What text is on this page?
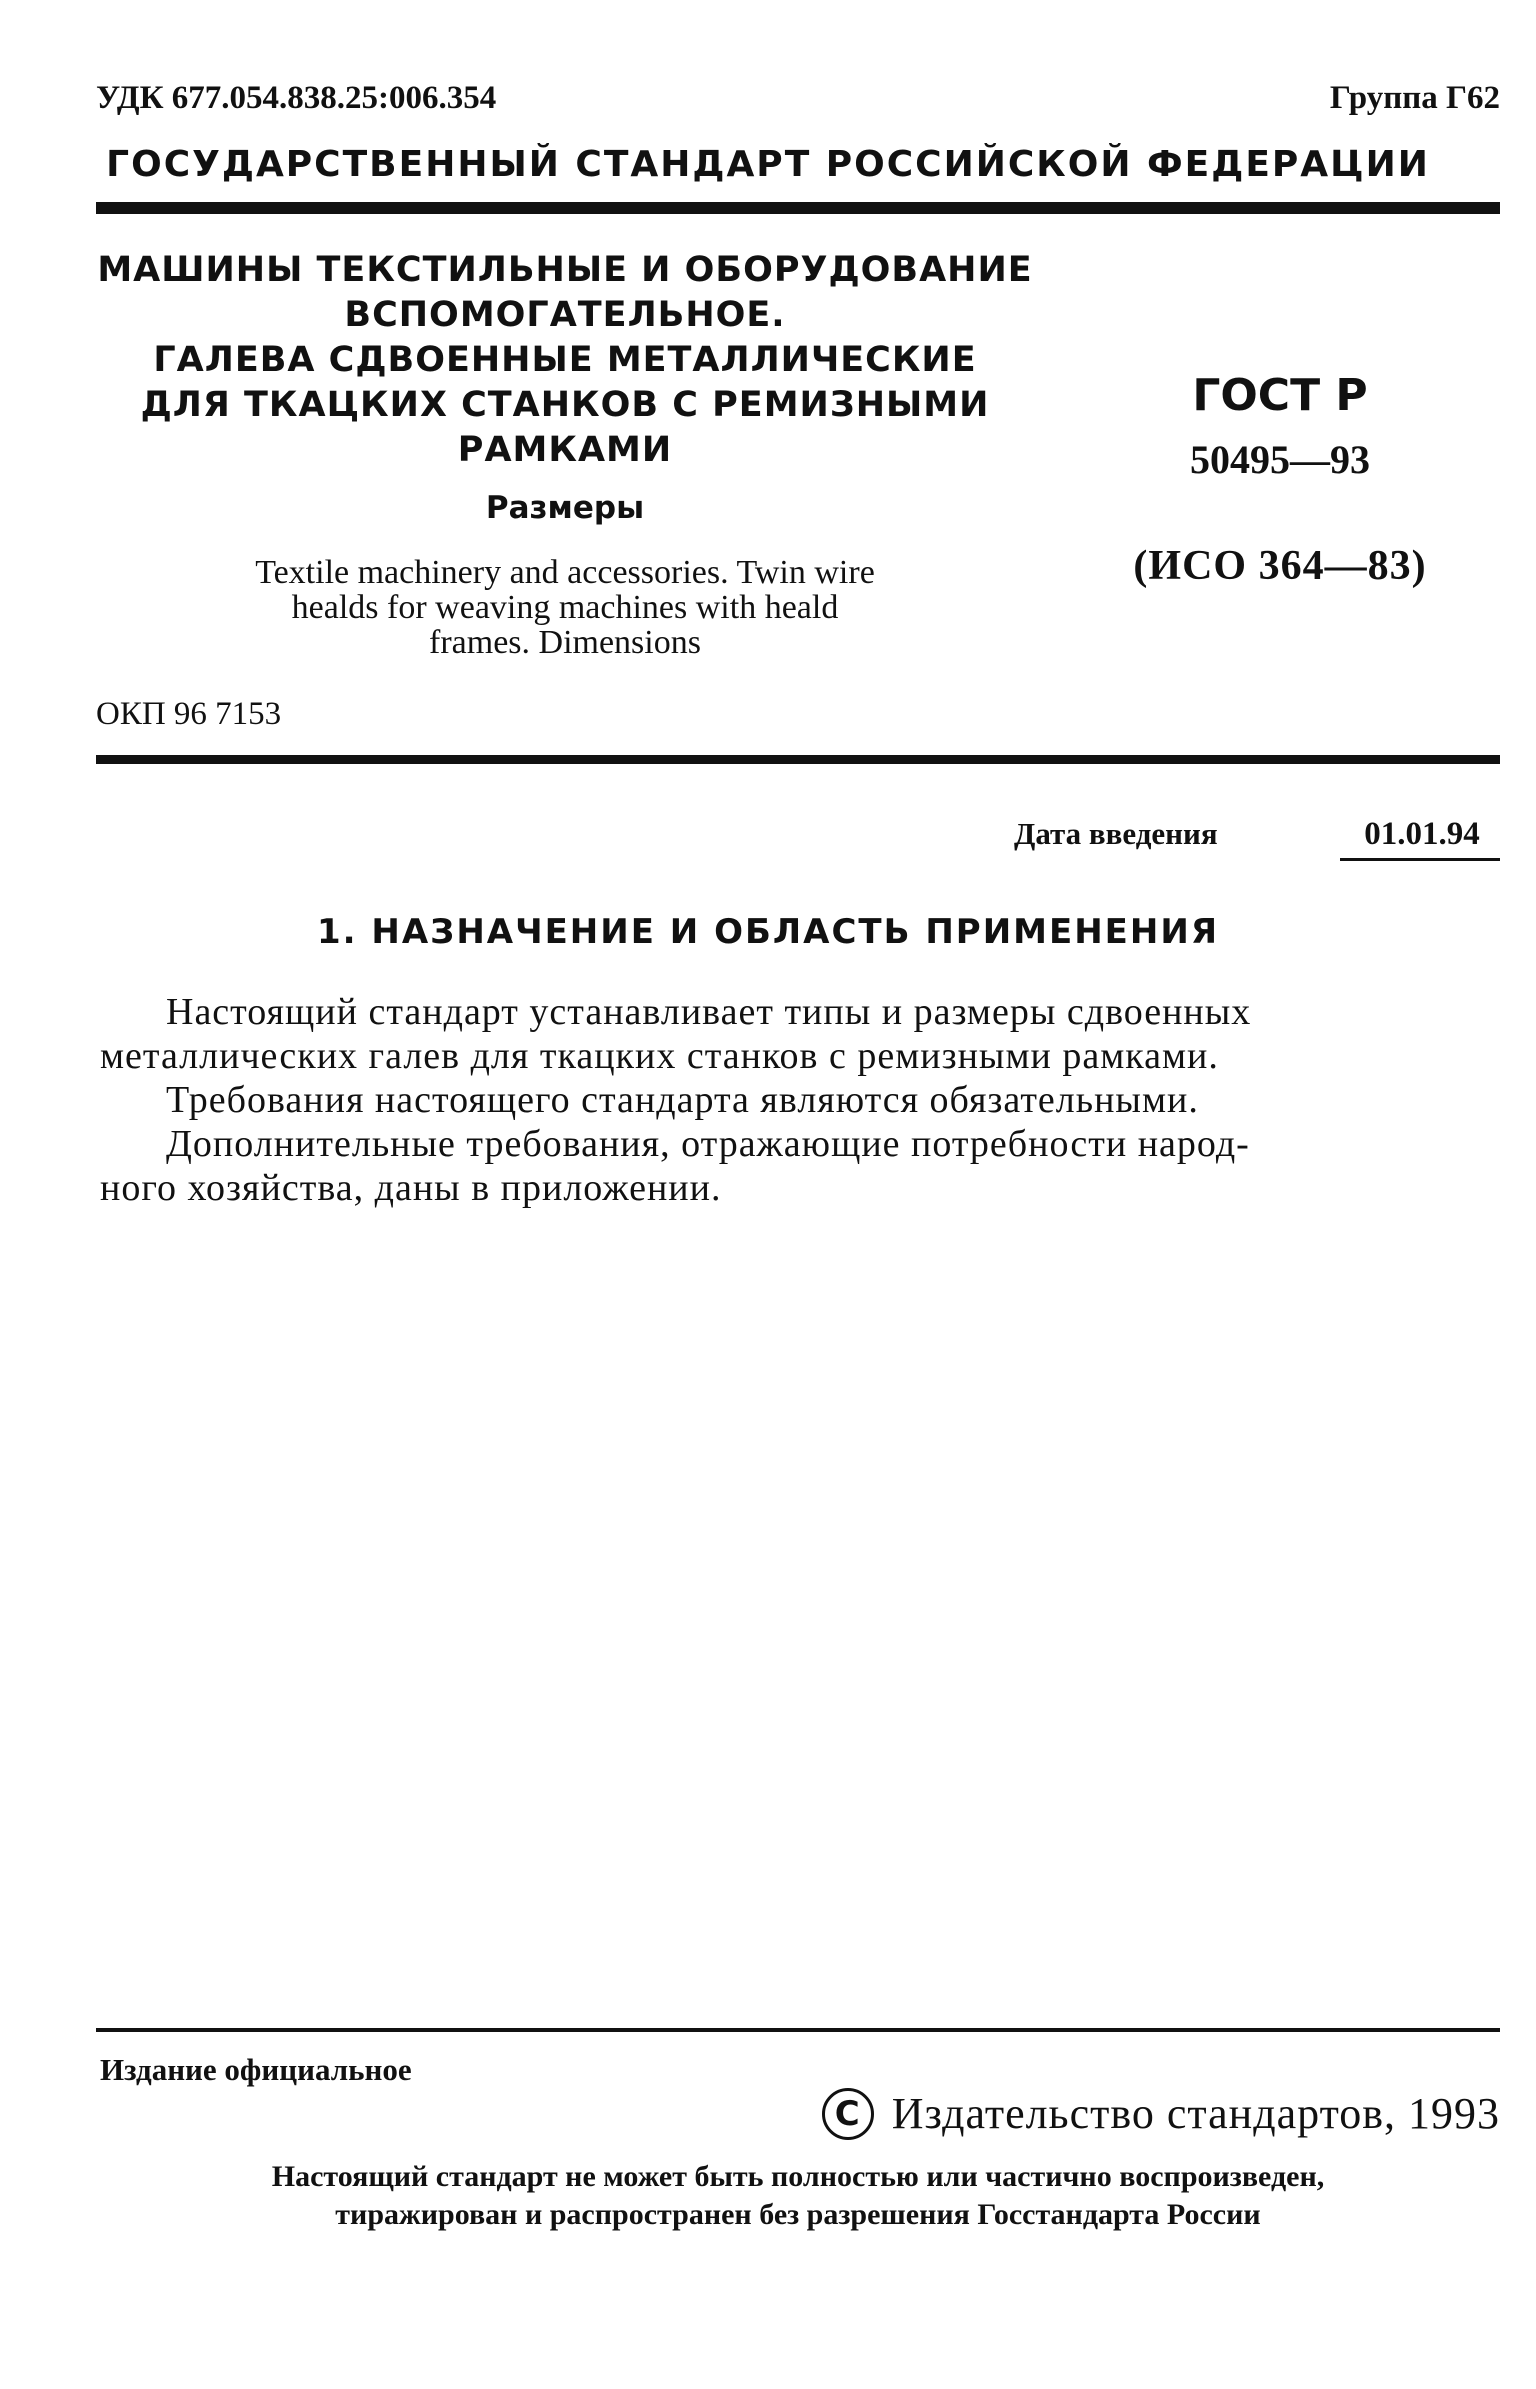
УДК 677.054.838.25:006.354	Группа Г62
ГОСУДАРСТВЕННЫЙ СТАНДАРТ РОССИЙСКОЙ ФЕДЕРАЦИИ
МАШИНЫ ТЕКСТИЛЬНЫЕ И ОБОРУДОВАНИЕ
ВСПОМОГАТЕЛЬНОЕ.
ГАЛЕВА СДВОЕННЫЕ МЕТАЛЛИЧЕСКИЕ
ДЛЯ ТКАЦКИХ СТАНКОВ С РЕМИЗНЫМИ
РАМКАМИ
Размеры
Textile machinery and accessories. Twin wire
healds for weaving machines with heald
frames. Dimensions
ГОСТ Р
50495—93
(ИСО 364—83)
ОКП 96 7153
Дата введения	01.01.94
1. НАЗНАЧЕНИЕ И ОБЛАСТЬ ПРИМЕНЕНИЯ
Настоящий стандарт устанавливает типы и размеры сдвоенных
металлических галев для ткацких станков с ремизными рамками.
Требования настоящего стандарта являются обязательными.
Дополнительные требования, отражающие потребности народ-
ного хозяйства, даны в приложении.
Издание официальное
C Издательство стандартов, 1993
Настоящий стандарт не может быть полностью или частично воспроизведен,
тиражирован и распространен без разрешения Госстандарта России
